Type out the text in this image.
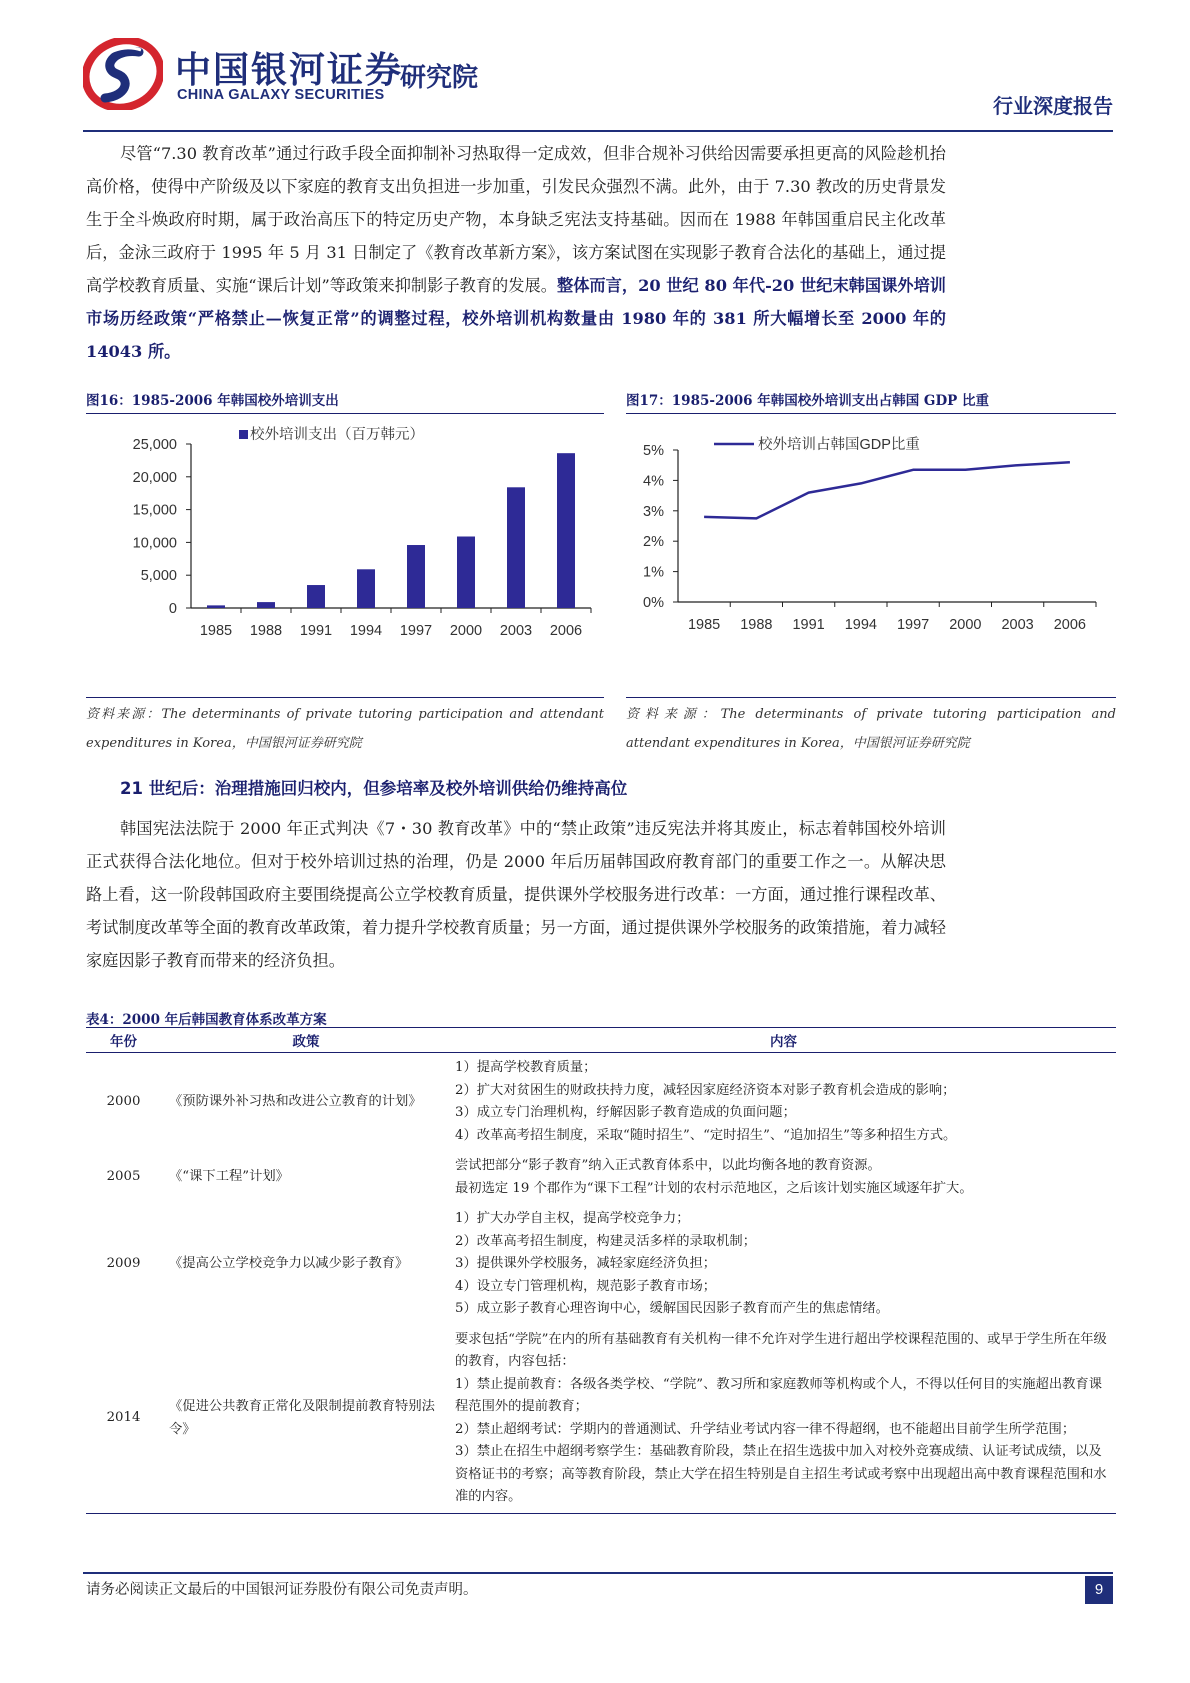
中国银河证券
CHINA GALAXY SECURITIES
研究院
行业深度报告
尽管“7.30 教育改革”通过行政手段全面抑制补习热取得一定成效，但非合规补习供给因需要承担更高的风险趁机抬高价格，使得中产阶级及以下家庭的教育支出负担进一步加重，引发民众强烈不满。此外，由于 7.30 教改的历史背景发生于全斗焕政府时期，属于政治高压下的特定历史产物，本身缺乏宪法支持基础。因而在 1988 年韩国重启民主化改革后，金泳三政府于 1995 年 5 月 31 日制定了《教育改革新方案》，该方案试图在实现影子教育合法化的基础上，通过提高学校教育质量、实施“课后计划”等政策来抑制影子教育的发展。整体而言，20 世纪 80 年代-20 世纪末韩国课外培训市场历经政策“严格禁止—恢复正常”的调整过程，校外培训机构数量由 1980 年的 381 所大幅增长至 2000 年的 14043 所。
图16：1985-2006 年韩国校外培训支出
校外培训支出（百万韩元）
0
5,000
10,000
15,000
20,000
25,000
1985 1988 1991 1994 1997 2000 2003 2006
资料来源：The determinants of private tutoring participation and attendant expenditures in Korea，中国银河证券研究院
图17：1985-2006 年韩国校外培训支出占韩国 GDP 比重
校外培训占韩国GDP比重
0%
1%
2%
3%
4%
5%
1985 1988 1991 1994 1997 2000 2003 2006
资料来源：The determinants of private tutoring participation and attendant expenditures in Korea，中国银河证券研究院
21 世纪后：治理措施回归校内，但参培率及校外培训供给仍维持高位
韩国宪法法院于 2000 年正式判决《7・30 教育改革》中的“禁止政策”违反宪法并将其废止，标志着韩国校外培训正式获得合法化地位。但对于校外培训过热的治理，仍是 2000 年后历届韩国政府教育部门的重要工作之一。从解决思路上看，这一阶段韩国政府主要围绕提高公立学校教育质量，提供课外学校服务进行改革：一方面，通过推行课程改革、考试制度改革等全面的教育改革政策，着力提升学校教育质量；另一方面，通过提供课外学校服务的政策措施，着力减轻家庭因影子教育而带来的经济负担。
表4：2000 年后韩国教育体系改革方案
年份	政策	内容
2000	《预防课外补习热和改进公立教育的计划》	1）提高学校教育质量；
2）扩大对贫困生的财政扶持力度，减轻因家庭经济资本对影子教育机会造成的影响；
3）成立专门治理机构，纾解因影子教育造成的负面问题；
4）改革高考招生制度，采取“随时招生”、“定时招生”、“追加招生”等多种招生方式。

2005	《“课下工程”计划》	尝试把部分“影子教育”纳入正式教育体系中，以此均衡各地的教育资源。
最初选定 19 个郡作为“课下工程”计划的农村示范地区，之后该计划实施区域逐年扩大。

2009	《提高公立学校竞争力以减少影子教育》	1）扩大办学自主权，提高学校竞争力；
2）改革高考招生制度，构建灵活多样的录取机制；
3）提供课外学校服务，减轻家庭经济负担；
4）设立专门管理机构，规范影子教育市场；
5）成立影子教育心理咨询中心，缓解国民因影子教育而产生的焦虑情绪。

2014	《促进公共教育正常化及限制提前教育特别法令》	要求包括“学院”在内的所有基础教育有关机构一律不允许对学生进行超出学校课程范围的、或早于学生所在年级的教育，内容包括：
1）禁止提前教育：各级各类学校、“学院”、教习所和家庭教师等机构或个人，不得以任何目的实施超出教育课程范围外的提前教育；
2）禁止超纲考试：学期内的普通测试、升学结业考试内容一律不得超纲，也不能超出目前学生所学范围；
3）禁止在招生中超纲考察学生：基础教育阶段，禁止在招生选拔中加入对校外竞赛成绩、认证考试成绩，以及资格证书的考察；高等教育阶段，禁止大学在招生特别是自主招生考试或考察中出现超出高中教育课程范围和水准的内容。
请务必阅读正文最后的中国银河证券股份有限公司免责声明。	9
